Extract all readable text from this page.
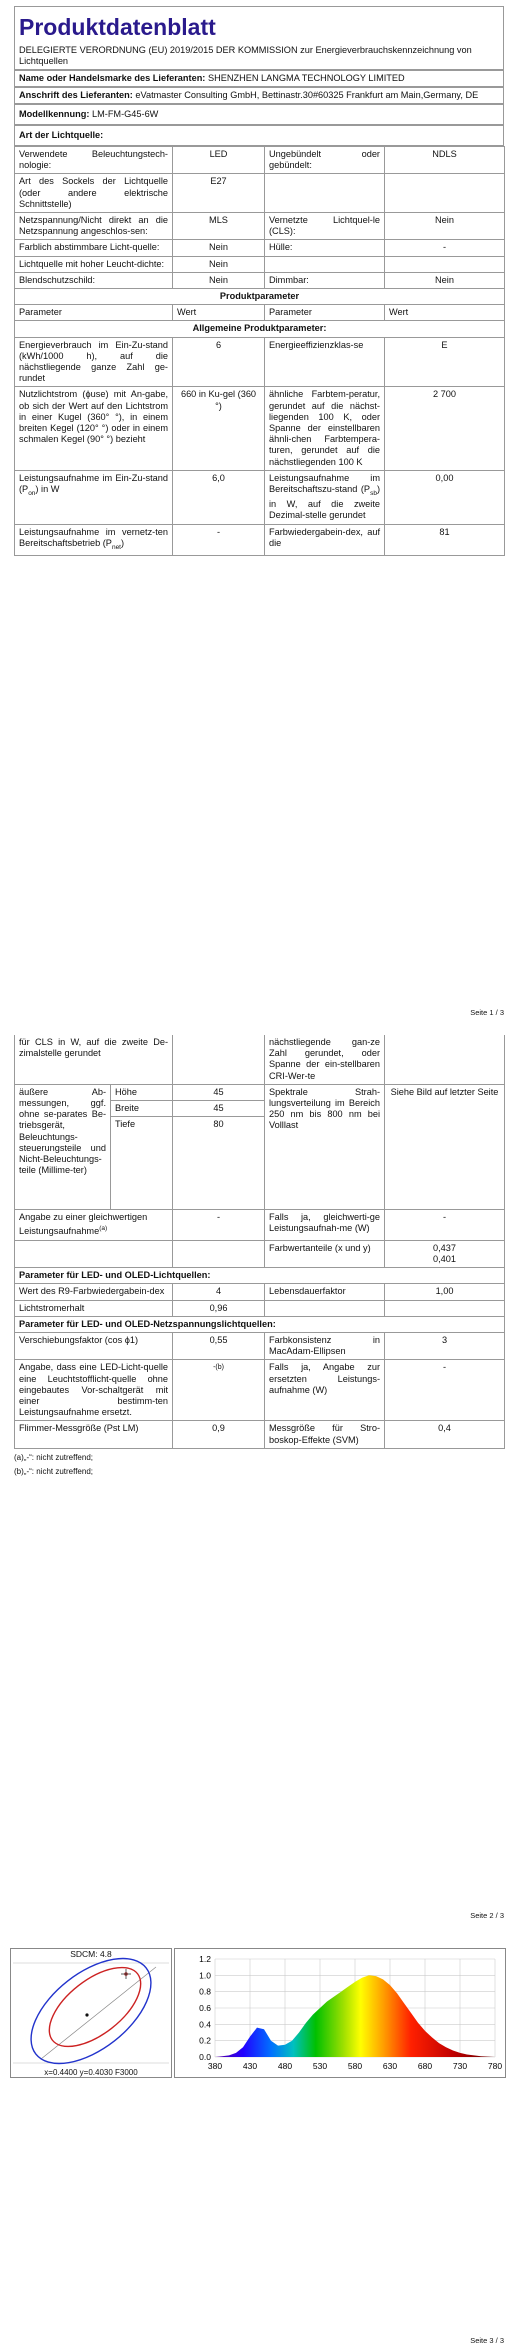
Produktdatenblatt
DELEGIERTE VERORDNUNG (EU) 2019/2015 DER KOMMISSION zur Energieverbrauchskennzeichnung von Lichtquellen
Name oder Handelsmarke des Lieferanten: SHENZHEN LANGMA TECHNOLOGY LIMITED
Anschrift des Lieferanten: eVatmaster Consulting GmbH, Bettinastr.30#60325 Frankfurt am Main,Germany, DE
Modellkennung: LM-FM-G45-6W
Art der Lichtquelle:
Verwendete Beleuchtungstech-nologie:	LED	Ungebündelt oder gebündelt:	NDLS
Art des Sockels der Lichtquelle (oder andere elektrische Schnittstelle)	E27		
Netzspannung/Nicht direkt an die Netzspannung angeschlos-sen:	MLS	Vernetzte Lichtquel-le (CLS):	Nein
Farblich abstimmbare Licht-quelle:	Nein	Hülle:	-
Lichtquelle mit hoher Leucht-dichte:	Nein		
Blendschutzschild:	Nein	Dimmbar:	Nein
Produktparameter			
Parameter	Wert	Parameter	Wert
Allgemeine Produktparameter:			
Energieverbrauch im Ein-Zu-stand (kWh/1000 h), auf die nächstliegende ganze Zahl ge-rundet	6	Energieeffizienzklas-se	E
Nutzlichtstrom (ϕuse) mit An-gabe, ob sich der Wert auf den Lichtstrom in einer Kugel (360° °), in einem breiten Kegel (120° °) oder in einem schmalen Kegel (90° °) bezieht	660 in Ku-gel (360 °)	ähnliche Farbtem-peratur, gerundet auf die nächst-liegenden 100 K, oder Spanne der einstellbaren ähnli-chen Farbtempera-turen, gerundet auf die nächstliegenden 100 K	2 700
Leistungsaufnahme im Ein-Zu-stand $(P_{on})$ in W	6,0	Leistungsaufnahme im Bereitschaftszu-stand $(P_{sb})$ in W, auf die zweite Dezimal-stelle gerundet	0,00
Leistungsaufnahme im vernetz-ten Bereitschaftsbetrieb $(P_{net})$	-	Farbwiedergabein-dex, auf die	81
Seite 1 / 3
für CLS in W, auf die zweite De-zimalstelle gerundet			nächstliegende gan-ze Zahl gerundet, oder Spanne der ein-stellbaren CRI-Wer-te	
äußere Ab-messungen, ggf. ohne se-parates Be-triebsgerät, Beleuchtungs-steuerungsteile und Nicht-Beleuchtungs-teile (Millime-ter)	Höhe	45	Spektrale Strah-lungsverteilung im Bereich 250 nm bis 800 nm bei Volllast	Siehe Bild auf letzter Seite
	Breite	45		
	Tiefe	80		
Angabe zu einer gleichwertigen Leistungsaufnahme$^{(a)}$		-	Falls ja, gleichwerti-ge Leistungsaufnah-me (W)	-
			Farbwertanteile (x und y)	0,437
0,401

Parameter für LED- und OLED-Lichtquellen:				
Wert des R9-Farbwiedergabein-dex		4	Lebensdauerfaktor	1,00
Lichtstromerhalt		0,96		
Parameter für LED- und OLED-Netzspannungslichtquellen:				
Verschiebungsfaktor (cos ϕ1)		0,55	Farbkonsistenz in MacAdam-Ellipsen	3
Angabe, dass eine LED-Licht-quelle eine Leuchtstofflicht-quelle ohne eingebautes Vor-schaltgerät mit einer bestimm-ten Leistungsaufnahme ersetzt.		-(b)	Falls ja, Angabe zur ersetzten Leistungs-aufnahme (W)	-
Flimmer-Messgröße (Pst LM)		0,9	Messgröße für Stro-boskop-Effekte (SVM)	0,4
(a)„-“: nicht zutreffend;
(b)„-“: nicht zutreffend;
Seite 2 / 3
SDCM: 4.8
x=0.4400 y=0.4030 F3000
0.0
0.2
0.4
0.6
0.8
1.0
1.2
380 430 480 530 580 630 680 730 780
Seite 3 / 3
